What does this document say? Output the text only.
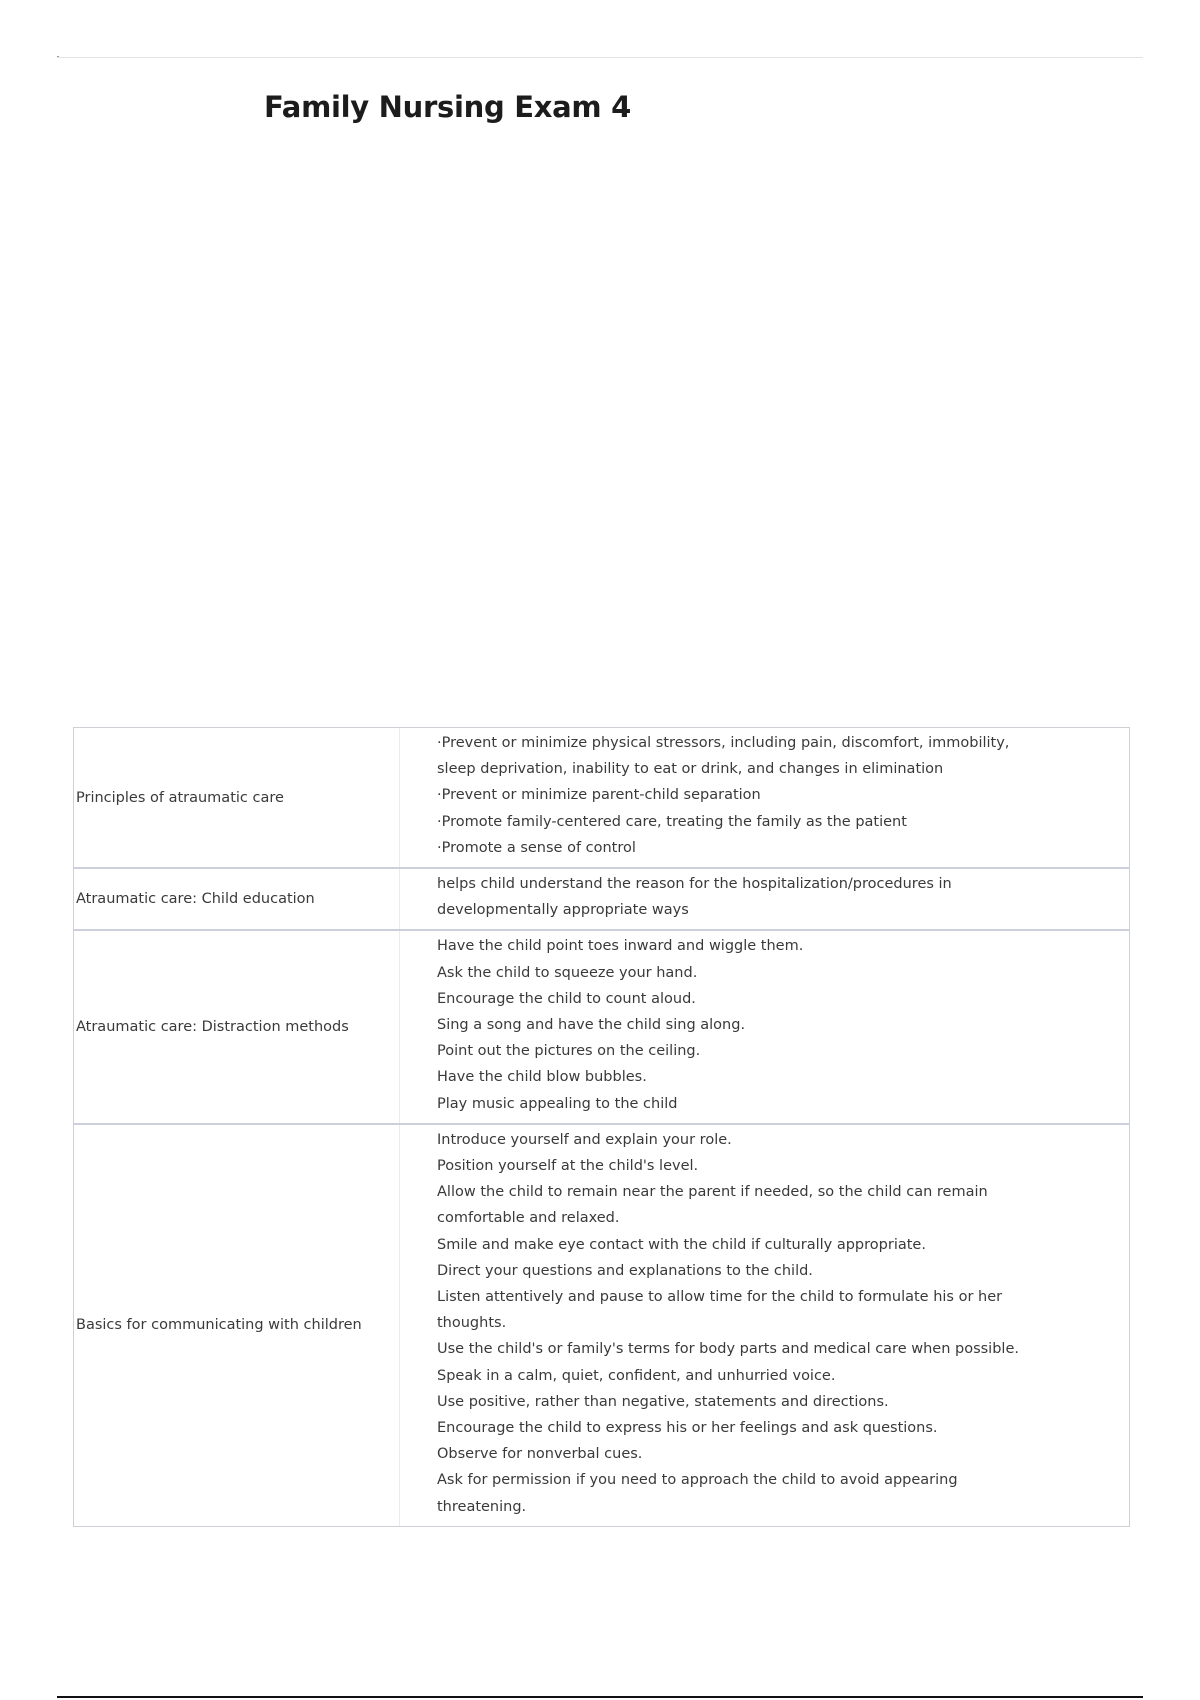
Family Nursing Exam 4
Principles of atraumatic care
·Prevent or minimize physical stressors, including pain, discomfort, immobility,
sleep deprivation, inability to eat or drink, and changes in elimination
·Prevent or minimize parent-child separation
·Promote family-centered care, treating the family as the patient
·Promote a sense of control
Atraumatic care: Child education
helps child understand the reason for the hospitalization/procedures in
developmentally appropriate ways
Atraumatic care: Distraction methods
Have the child point toes inward and wiggle them.
Ask the child to squeeze your hand.
Encourage the child to count aloud.
Sing a song and have the child sing along.
Point out the pictures on the ceiling.
Have the child blow bubbles.
Play music appealing to the child
Basics for communicating with children
Introduce yourself and explain your role.
Position yourself at the child's level.
Allow the child to remain near the parent if needed, so the child can remain
comfortable and relaxed.
Smile and make eye contact with the child if culturally appropriate.
Direct your questions and explanations to the child.
Listen attentively and pause to allow time for the child to formulate his or her
thoughts.
Use the child's or family's terms for body parts and medical care when possible.
Speak in a calm, quiet, confident, and unhurried voice.
Use positive, rather than negative, statements and directions.
Encourage the child to express his or her feelings and ask questions.
Observe for nonverbal cues.
Ask for permission if you need to approach the child to avoid appearing
threatening.
